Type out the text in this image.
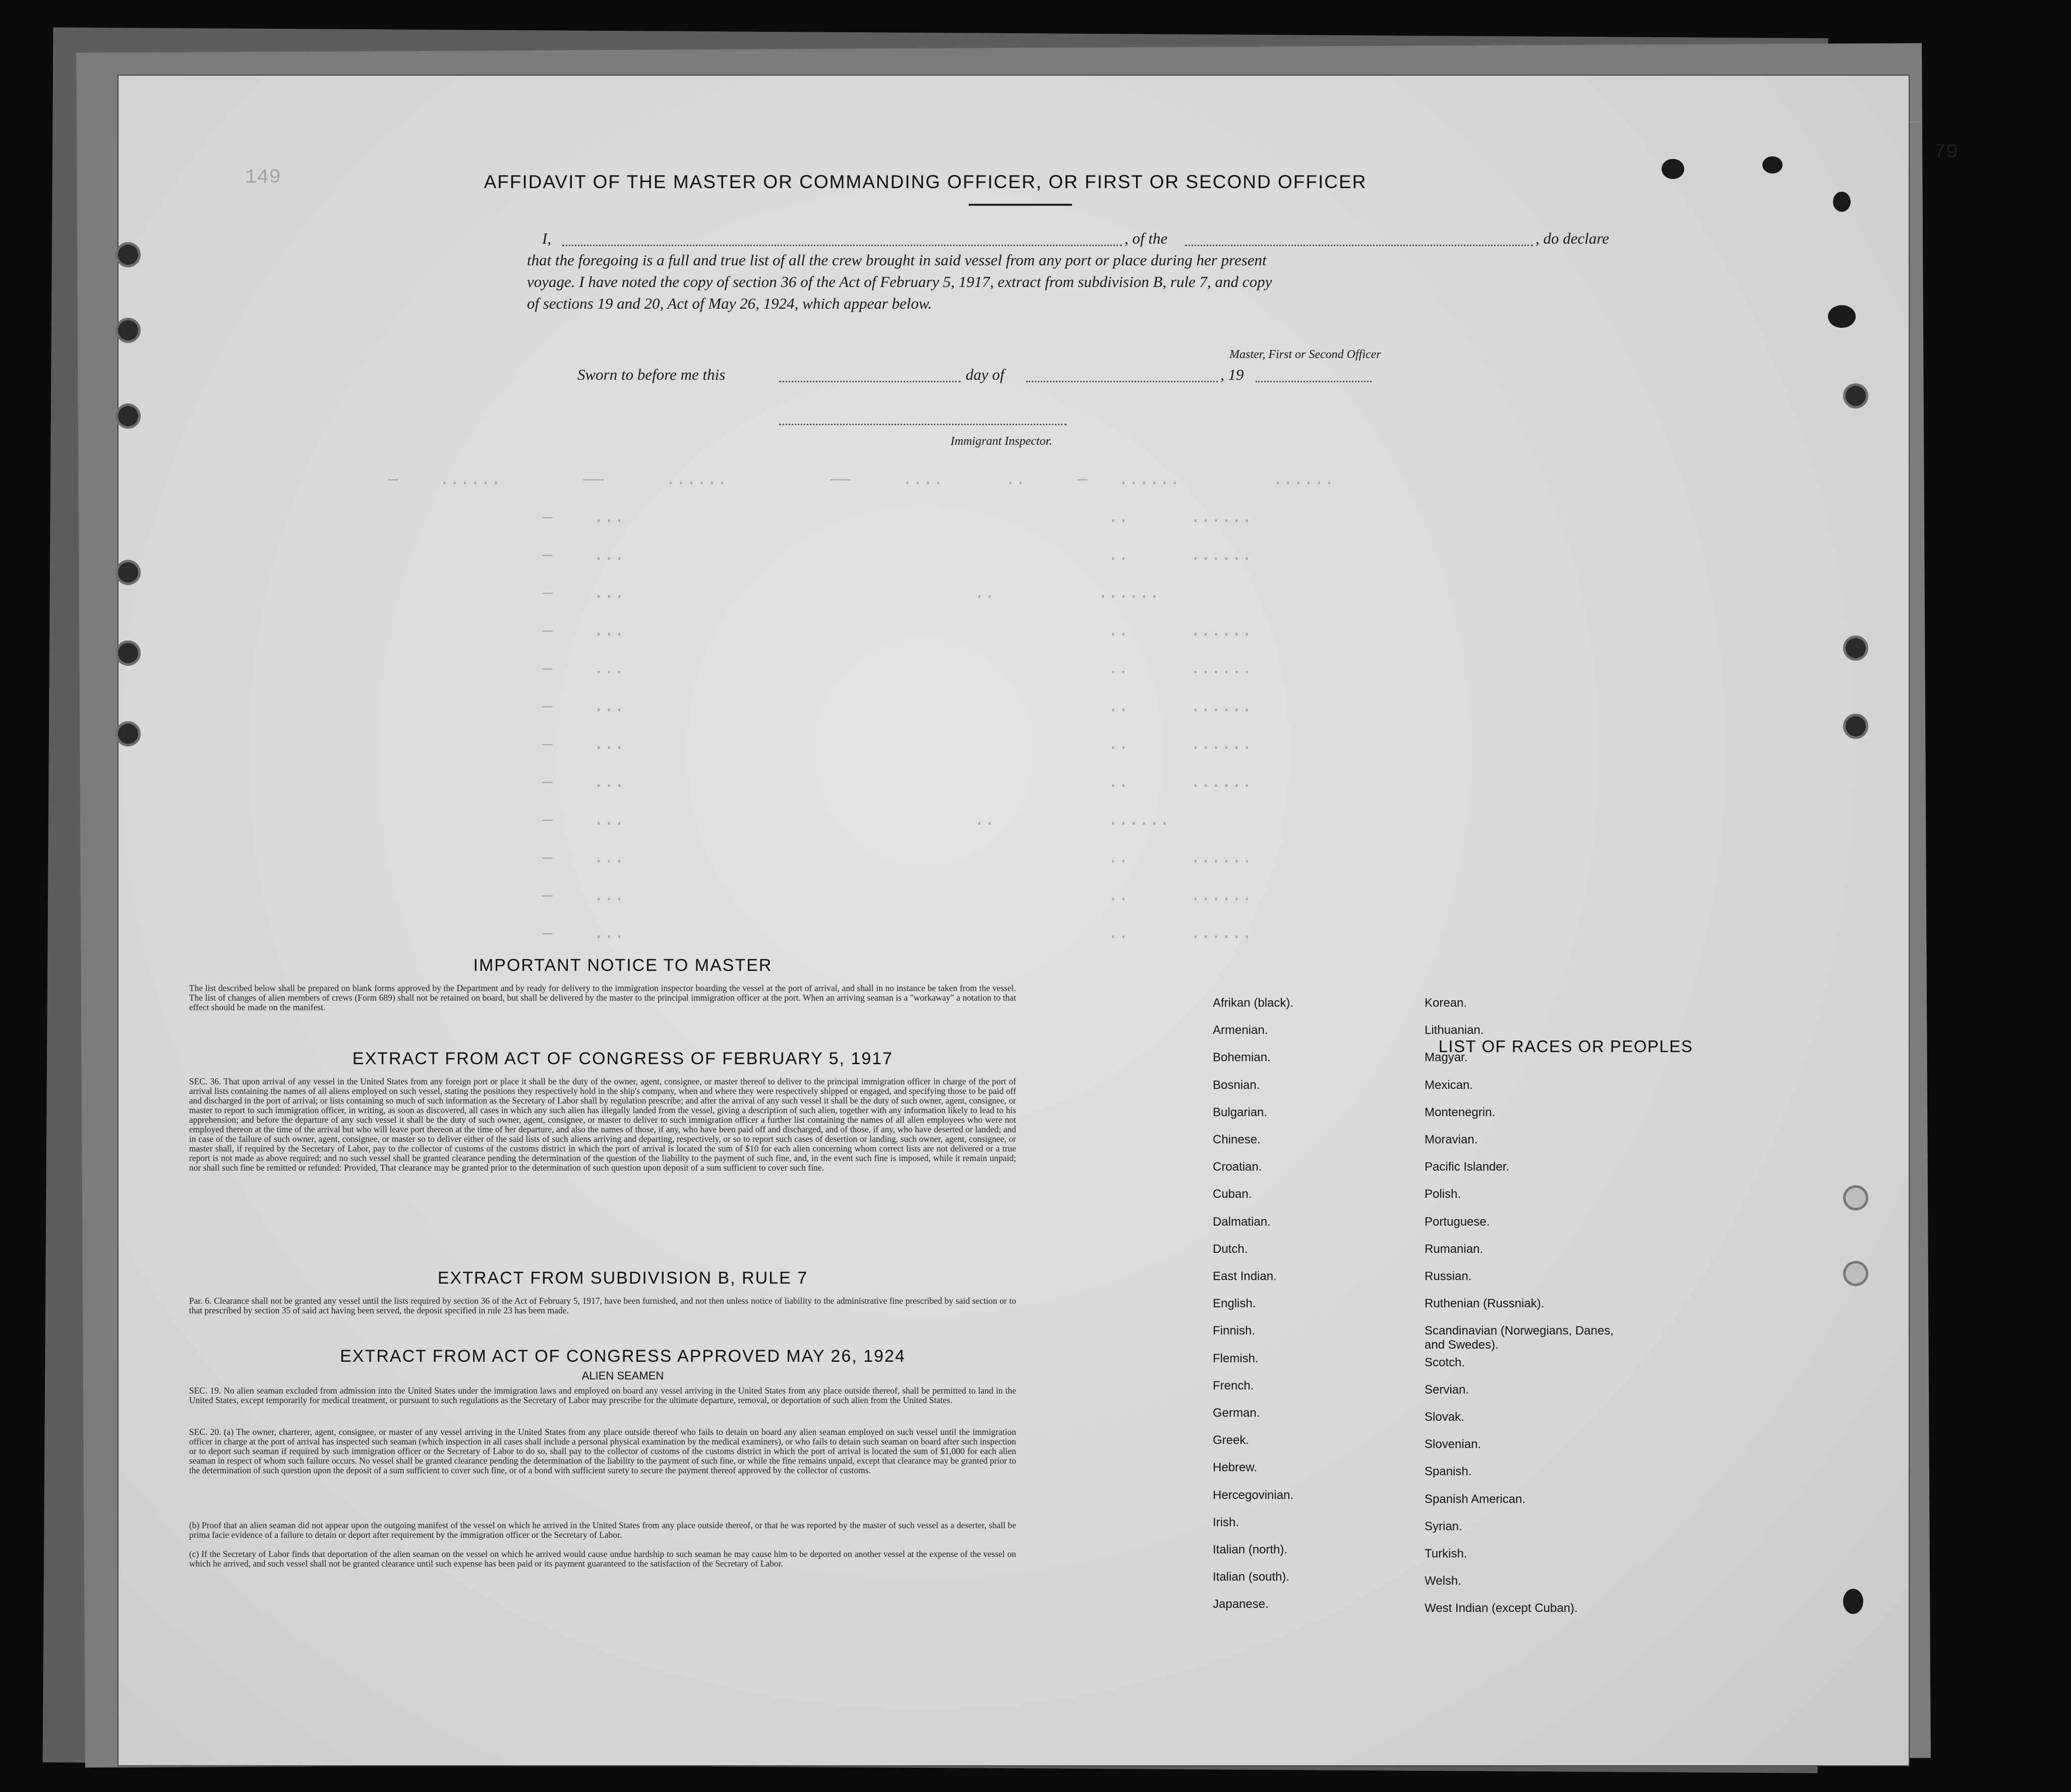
149
79
—    ......        ——      ......          ——     ....      ..     —   ......         ......
—    ...                                               ..      ......
—    ...                                               ..      ......
—    ...                                  ..          ......
—    ...                                               ..      ......
—    ...                                               ..      ......
—    ...                                               ..      ......
—    ...                                               ..      ......
—    ...                                               ..      ......
—    ...                                  ..           ......
—    ...                                               ..      ......
—    ...                                               ..      ......
—    ...                                               ..      ......
AFFIDAVIT OF THE MASTER OR COMMANDING OFFICER, OR FIRST OR SECOND OFFICER
I,	, of the	, do declare
that the foregoing is a full and true list of all the crew brought in said vessel from any port or place during her present
voyage. I have noted the copy of section 36 of the Act of February 5, 1917, extract from subdivision B, rule 7, and copy
of sections 19 and 20, Act of May 26, 1924, which appear below.
Master, First or Second Officer
Sworn to before me this	day of	, 19
Immigrant Inspector.
IMPORTANT NOTICE TO MASTER
The list described below shall be prepared on blank forms approved by the Department and by ready for delivery to the immigration inspector boarding the vessel at the port of arrival, and shall in no instance be taken from the vessel. The list of changes of alien members of crews (Form 689) shall not be retained on board, but shall be delivered by the master to the principal immigration officer at the port. When an arriving seaman is a "workaway" a notation to that effect should be made on the manifest.
EXTRACT FROM ACT OF CONGRESS OF FEBRUARY 5, 1917
SEC. 36. That upon arrival of any vessel in the United States from any foreign port or place it shall be the duty of the owner, agent, consignee, or master thereof to deliver to the principal immigration officer in charge of the port of arrival lists containing the names of all aliens employed on such vessel, stating the positions they respectively hold in the ship's company, when and where they were respectively shipped or engaged, and specifying those to be paid off and discharged in the port of arrival; or lists containing so much of such information as the Secretary of Labor shall by regulation prescribe; and after the arrival of any such vessel it shall be the duty of such owner, agent, consignee, or master to report to such immigration officer, in writing, as soon as discovered, all cases in which any such alien has illegally landed from the vessel, giving a description of such alien, together with any information likely to lead to his apprehension; and before the departure of any such vessel it shall be the duty of such owner, agent, consignee, or master to deliver to such immigration officer a further list containing the names of all alien employees who were not employed thereon at the time of the arrival but who will leave port thereon at the time of her departure, and also the names of those, if any, who have been paid off and discharged, and of those, if any, who have deserted or landed; and in case of the failure of such owner, agent, consignee, or master so to deliver either of the said lists of such aliens arriving and departing, respectively, or so to report such cases of desertion or landing, such owner, agent, consignee, or master shall, if required by the Secretary of Labor, pay to the collector of customs of the customs district in which the port of arrival is located the sum of $10 for each alien concerning whom correct lists are not delivered or a true report is not made as above required; and no such vessel shall be granted clearance pending the determination of the question of the liability to the payment of such fine, and, in the event such fine is imposed, while it remain unpaid; nor shall such fine be remitted or refunded: Provided, That clearance may be granted prior to the determination of such question upon deposit of a sum sufficient to cover such fine.
EXTRACT FROM SUBDIVISION B, RULE 7
Par. 6. Clearance shall not be granted any vessel until the lists required by section 36 of the Act of February 5, 1917, have been furnished, and not then unless notice of liability to the administrative fine prescribed by said section or to that prescribed by section 35 of said act having been served, the deposit specified in rule 23 has been made.
EXTRACT FROM ACT OF CONGRESS APPROVED MAY 26, 1924
ALIEN SEAMEN
SEC. 19. No alien seaman excluded from admission into the United States under the immigration laws and employed on board any vessel arriving in the United States from any place outside thereof, shall be permitted to land in the United States, except temporarily for medical treatment, or pursuant to such regulations as the Secretary of Labor may prescribe for the ultimate departure, removal, or deportation of such alien from the United States.
SEC. 20. (a) The owner, charterer, agent, consignee, or master of any vessel arriving in the United States from any place outside thereof who fails to detain on board any alien seaman employed on such vessel until the immigration officer in charge at the port of arrival has inspected such seaman (which inspection in all cases shall include a personal physical examination by the medical examiners), or who fails to detain such seaman on board after such inspection or to deport such seaman if required by such immigration officer or the Secretary of Labor to do so, shall pay to the collector of customs of the customs district in which the port of arrival is located the sum of $1,000 for each alien seaman in respect of whom such failure occurs. No vessel shall be granted clearance pending the determination of the liability to the payment of such fine, or while the fine remains unpaid, except that clearance may be granted prior to the determination of such question upon the deposit of a sum sufficient to cover such fine, or of a bond with sufficient surety to secure the payment thereof approved by the collector of customs.
(b) Proof that an alien seaman did not appear upon the outgoing manifest of the vessel on which he arrived in the United States from any place outside thereof, or that he was reported by the master of such vessel as a deserter, shall be prima facie evidence of a failure to detain or deport after requirement by the immigration officer or the Secretary of Labor.
(c) If the Secretary of Labor finds that deportation of the alien seaman on the vessel on which he arrived would cause undue hardship to such seaman he may cause him to be deported on another vessel at the expense of the vessel on which he arrived, and such vessel shall not be granted clearance until such expense has been paid or its payment guaranteed to the satisfaction of the Secretary of Labor.
LIST OF RACES OR PEOPLES
Afrikan (black).
Armenian.
Bohemian.
Bosnian.
Bulgarian.
Chinese.
Croatian.
Cuban.
Dalmatian.
Dutch.
East Indian.
English.
Finnish.
Flemish.
French.
German.
Greek.
Hebrew.
Hercegovinian.
Irish.
Italian (north).
Italian (south).
Japanese.
Korean.
Lithuanian.
Magyar.
Mexican.
Montenegrin.
Moravian.
Pacific Islander.
Polish.
Portuguese.
Rumanian.
Russian.
Ruthenian (Russniak).
Scandinavian (Norwegians, Danes, and Swedes).
Scotch.
Servian.
Slovak.
Slovenian.
Spanish.
Spanish American.
Syrian.
Turkish.
Welsh.
West Indian (except Cuban).
